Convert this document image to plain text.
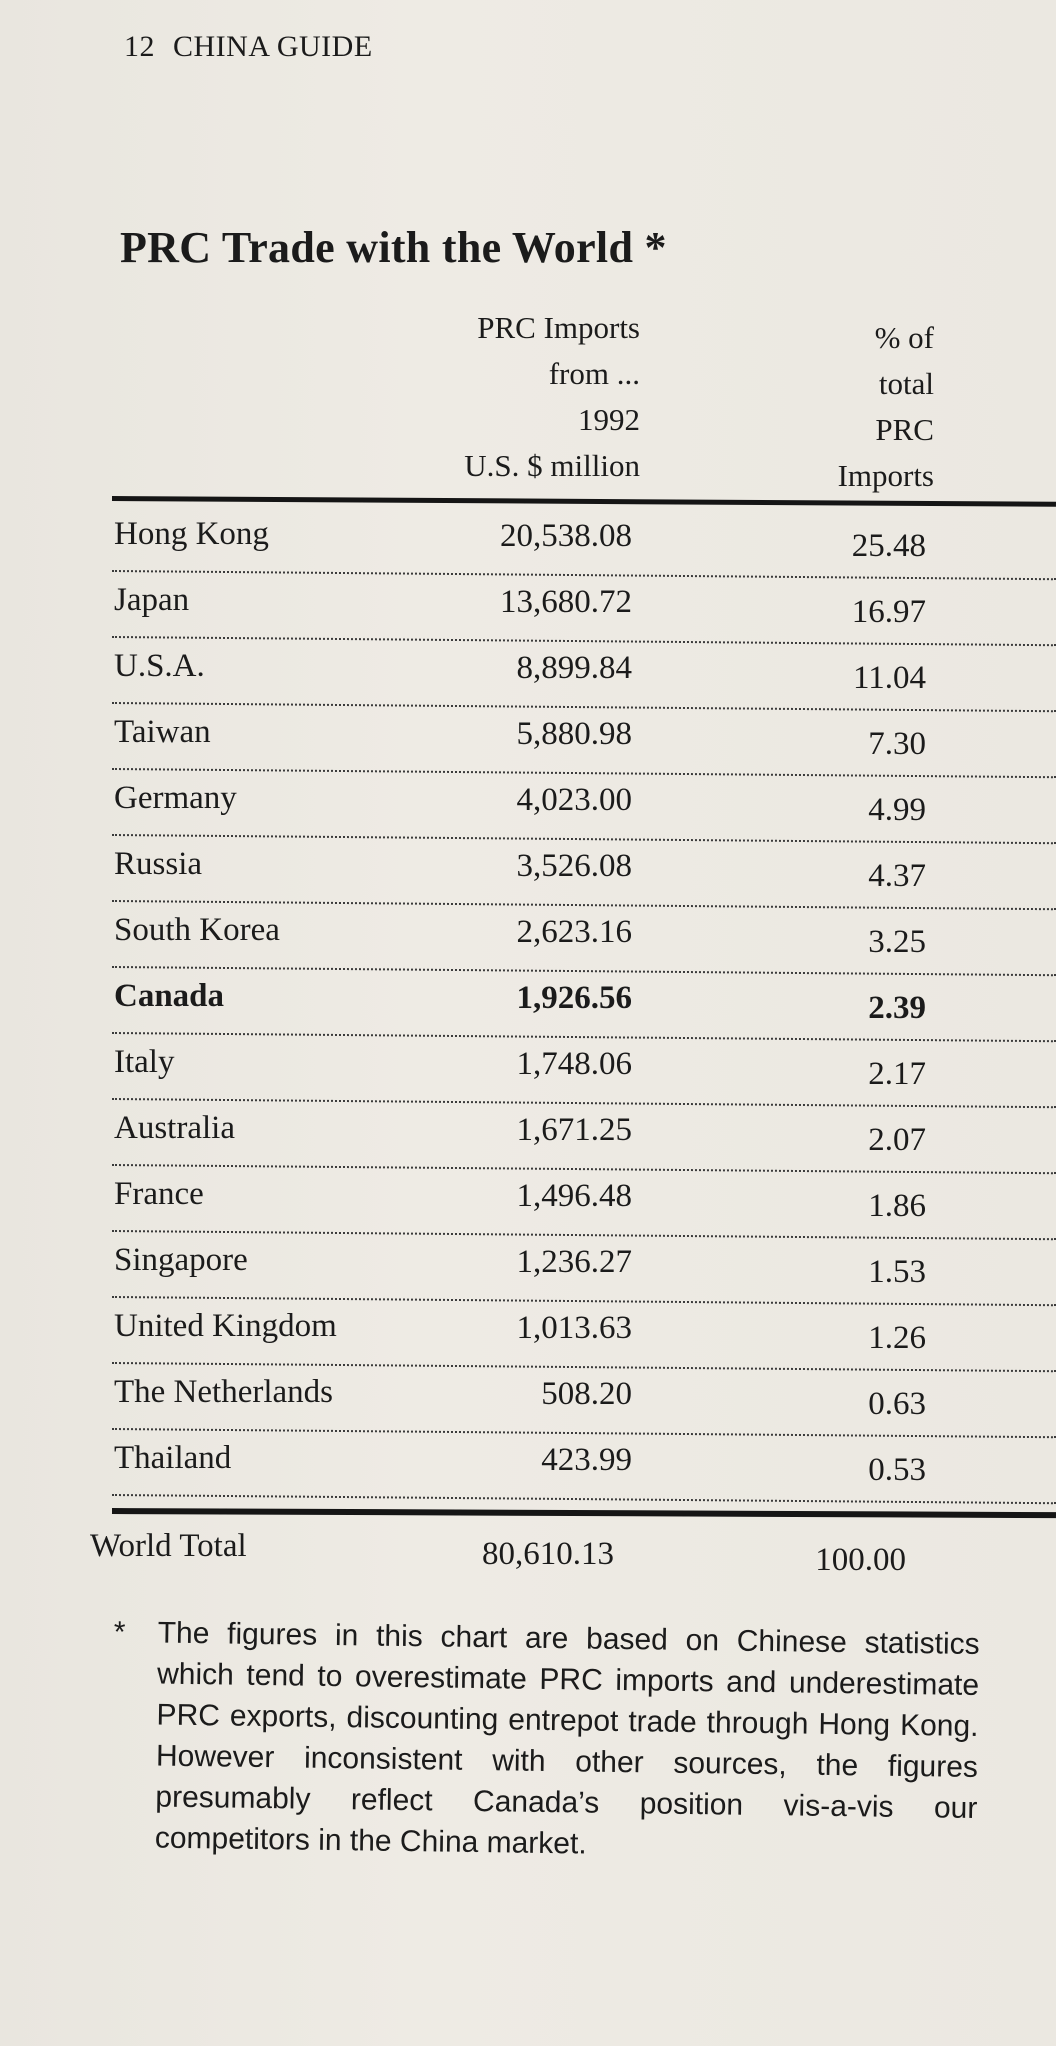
12 CHINA GUIDE
PRC Trade with the World *
PRC Imports
from ...
1992
U.S. $ million
% of
total
PRC
Imports
Hong Kong	20,538.08	25.48
Japan	13,680.72	16.97
U.S.A.	8,899.84	11.04
Taiwan	5,880.98	7.30
Germany	4,023.00	4.99
Russia	3,526.08	4.37
South Korea	2,623.16	3.25
Canada	1,926.56	2.39
Italy	1,748.06	2.17
Australia	1,671.25	2.07
France	1,496.48	1.86
Singapore	1,236.27	1.53
United Kingdom	1,013.63	1.26
The Netherlands	508.20	0.63
Thailand	423.99	0.53
World Total	80,610.13	100.00
*	The figures in this chart are based on Chinese statistics which tend to overestimate PRC imports and underestimate PRC exports, discounting entrepot trade through Hong Kong. However inconsistent with other sources, the figures presumably reflect Canada’s position vis-a-vis our competitors in the China market.
